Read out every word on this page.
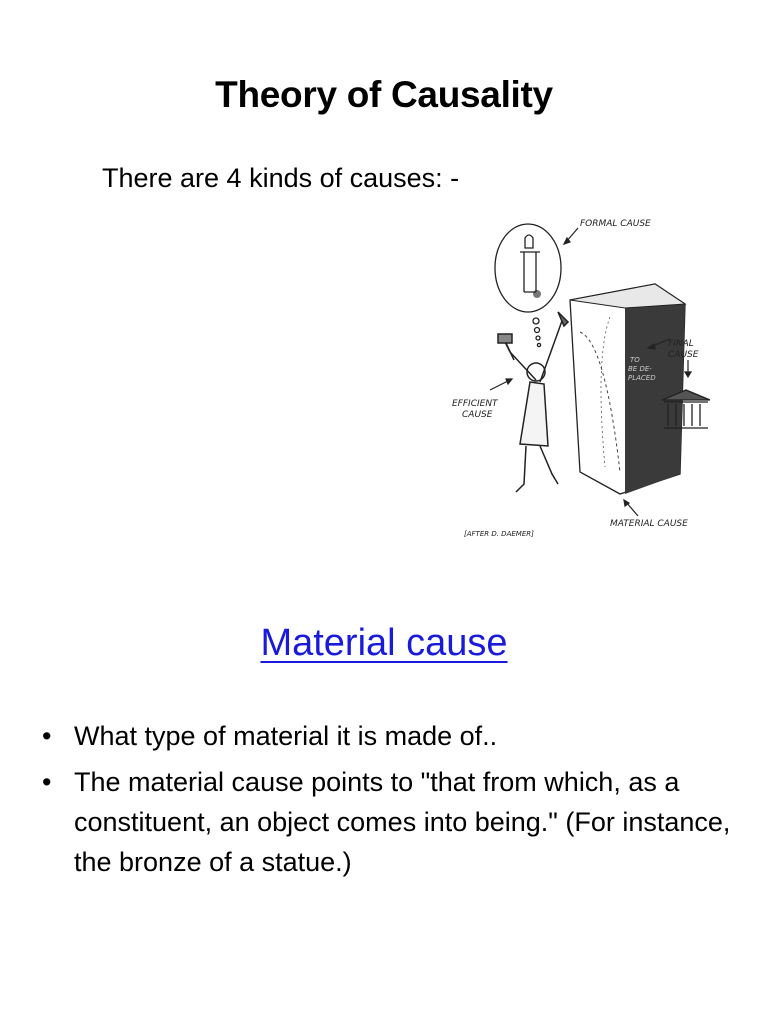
Theory of Causality
There are 4 kinds of causes: -
TO
BE DE-
PLACED
FORMAL CAUSE
FINAL
CAUSE
EFFICIENT
CAUSE
MATERIAL CAUSE
[AFTER D. DAEMER]
Material cause
• What type of material it is made of..
• The material cause points to "that from which, as a constituent, an object comes into being." (For instance, the bronze of a statue.)
